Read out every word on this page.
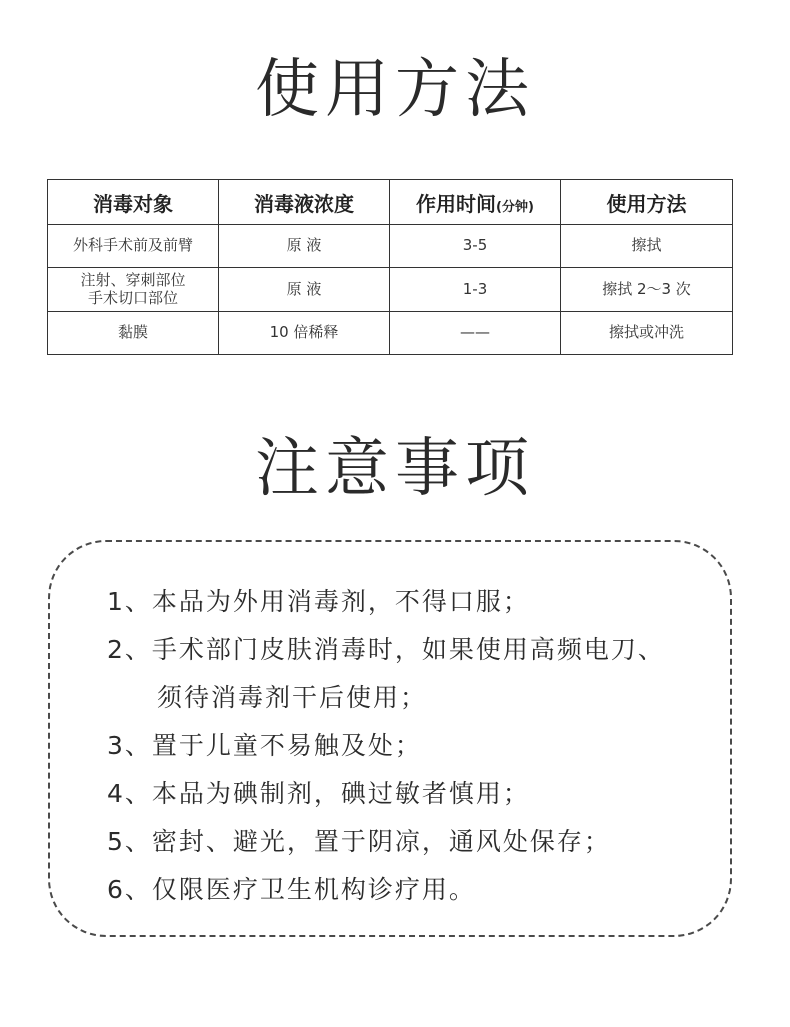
使用方法
消毒对象	消毒液浓度	作用时间(分钟)	使用方法

外科手术前及前臂	原 液	3-5	擦拭

注射、穿刺部位
手术切口部位	原 液	1-3	擦拭 2～3 次

黏膜	10 倍稀释	——	擦拭或冲洗
注意事项
1、本品为外用消毒剂，不得口服；
2、手术部门皮肤消毒时，如果使用高频电刀、
须待消毒剂干后使用；
3、置于儿童不易触及处；
4、本品为碘制剂，碘过敏者慎用；
5、密封、避光，置于阴凉，通风处保存；
6、仅限医疗卫生机构诊疗用。
